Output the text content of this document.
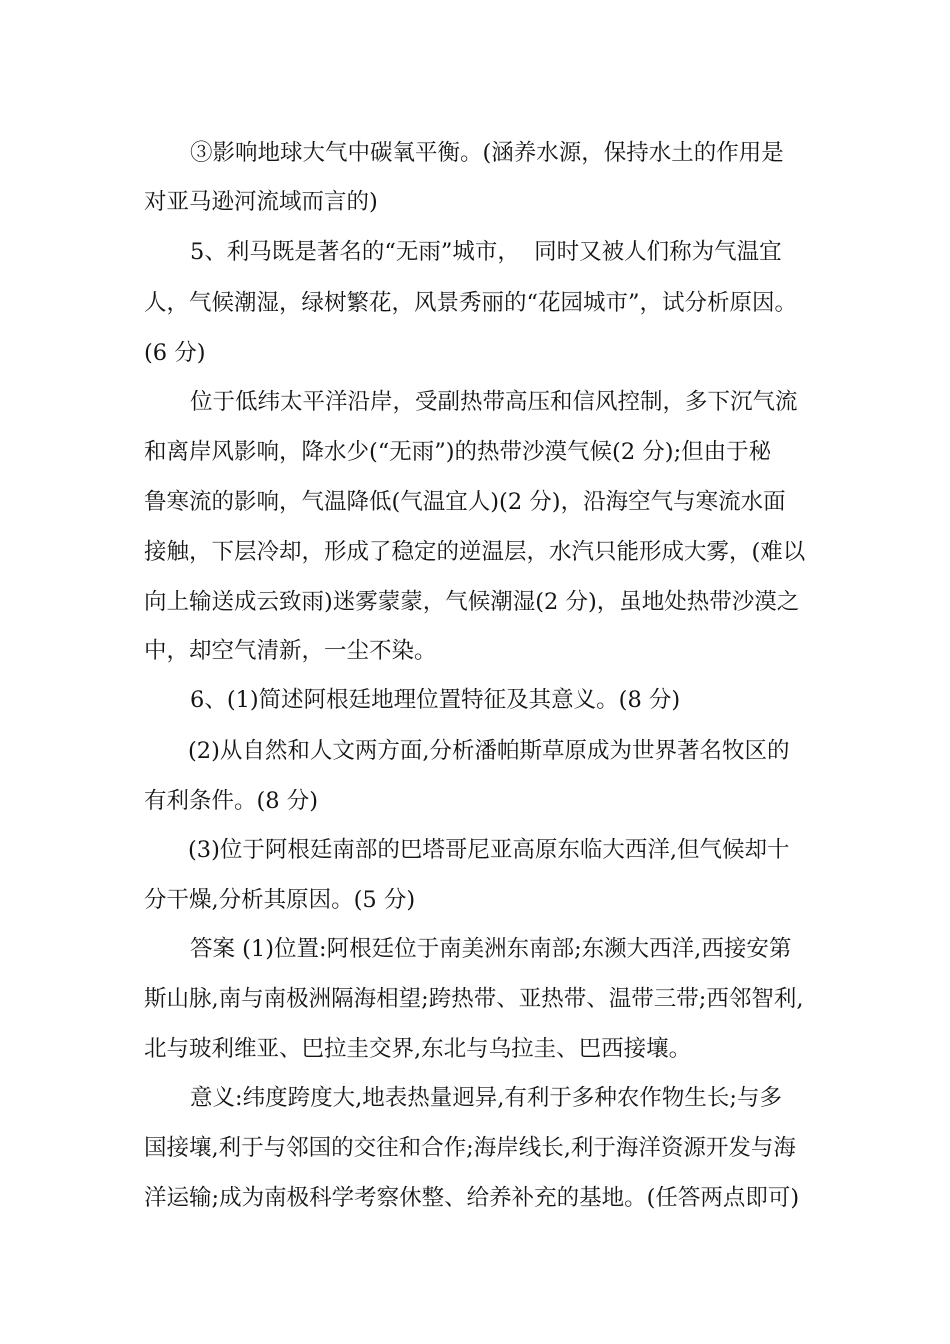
③影响地球大气中碳氧平衡。(涵养水源，保持水土的作用是
对亚马逊河流域而言的)
5、利马既是著名的“无雨”城市，  同时又被人们称为气温宜
人，气候潮湿，绿树繁花，风景秀丽的“花园城市”，试分析原因。
(6 分)
位于低纬太平洋沿岸，受副热带高压和信风控制，多下沉气流
和离岸风影响，降水少(“无雨”)的热带沙漠气候(2 分);但由于秘
鲁寒流的影响，气温降低(气温宜人)(2 分)，沿海空气与寒流水面
接触，下层冷却，形成了稳定的逆温层，水汽只能形成大雾，(难以
向上输送成云致雨)迷雾蒙蒙，气候潮湿(2 分)，虽地处热带沙漠之
中，却空气清新，一尘不染。
6、(1)简述阿根廷地理位置特征及其意义。(8 分)
(2)从自然和人文两方面,分析潘帕斯草原成为世界著名牧区的
有利条件。(8 分)
(3)位于阿根廷南部的巴塔哥尼亚高原东临大西洋,但气候却十
分干燥,分析其原因。(5 分)
答案 (1)位置:阿根廷位于南美洲东南部;东濒大西洋,西接安第
斯山脉,南与南极洲隔海相望;跨热带、亚热带、温带三带;西邻智利,
北与玻利维亚、巴拉圭交界,东北与乌拉圭、巴西接壤。
意义:纬度跨度大,地表热量迥异,有利于多种农作物生长;与多
国接壤,利于与邻国的交往和合作;海岸线长,利于海洋资源开发与海
洋运输;成为南极科学考察休整、给养补充的基地。(任答两点即可)
